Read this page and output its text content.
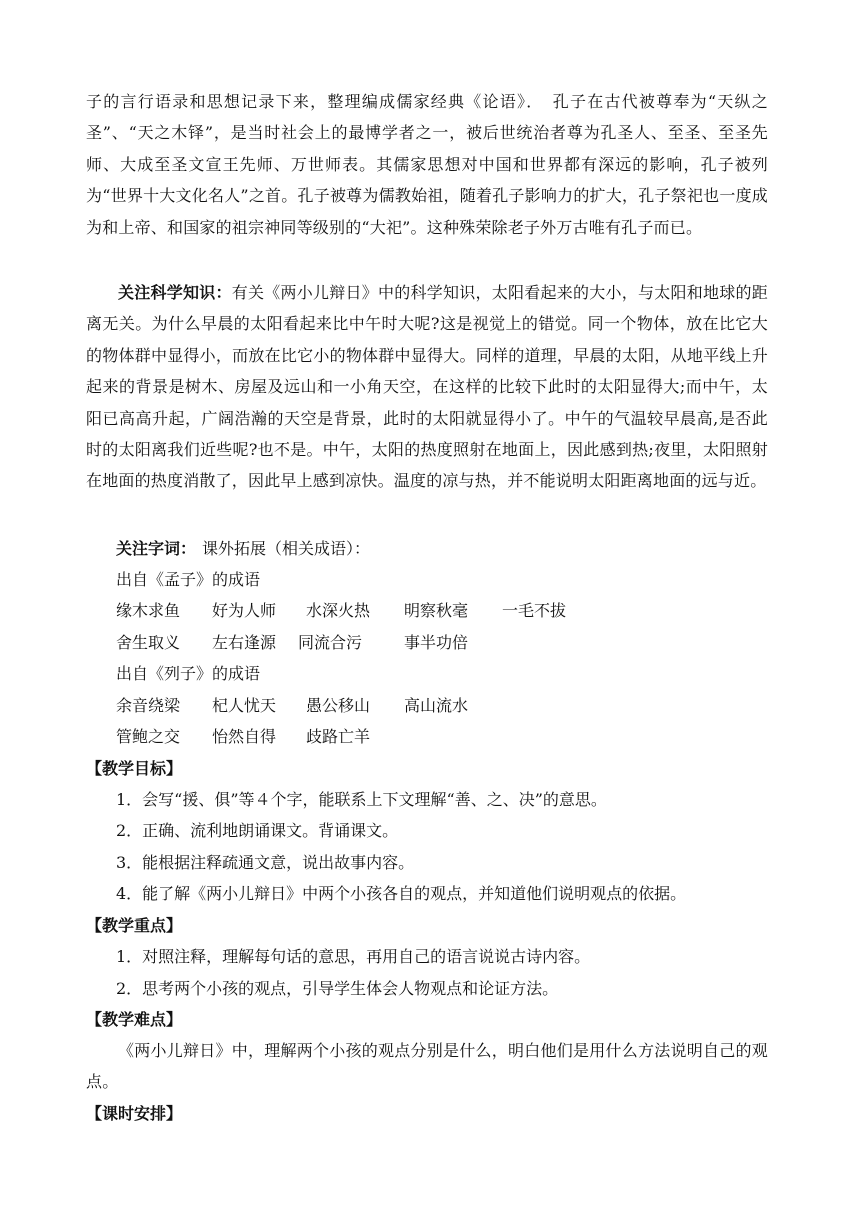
子的言行语录和思想记录下来，整理编成儒家经典《论语》．　孔子在古代被尊奉为“天纵之圣”、“天之木铎”，是当时社会上的最博学者之一，被后世统治者尊为孔圣人、至圣、至圣先师、大成至圣文宣王先师、万世师表。其儒家思想对中国和世界都有深远的影响，孔子被列为“世界十大文化名人”之首。孔子被尊为儒教始祖，随着孔子影响力的扩大，孔子祭祀也一度成为和上帝、和国家的祖宗神同等级别的“大祀”。这种殊荣除老子外万古唯有孔子而已。

关注科学知识：有关《两小儿辩日》中的科学知识，太阳看起来的大小，与太阳和地球的距离无关。为什么早晨的太阳看起来比中午时大呢?这是视觉上的错觉。同一个物体，放在比它大的物体群中显得小，而放在比它小的物体群中显得大。同样的道理，早晨的太阳，从地平线上升起来的背景是树木、房屋及远山和一小角天空，在这样的比较下此时的太阳显得大;而中午，太阳已高高升起，广阔浩瀚的天空是背景，此时的太阳就显得小了。中午的气温较早晨高,是否此时的太阳离我们近些呢?也不是。中午，太阳的热度照射在地面上，因此感到热;夜里，太阳照射在地面的热度消散了，因此早上感到凉快。温度的凉与热，并不能说明太阳距离地面的远与近。

关注字词： 课外拓展（相关成语）：
出自《孟子》的成语
缘木求鱼 好为人师 水深火热 明察秋毫 一毛不拔
舍生取义 左右逢源 同流合污	事半功倍
出自《列子》的成语
余音绕梁 杞人忧天 愚公移山 高山流水
管鲍之交 怡然自得 歧路亡羊
【教学目标】
1．会写“援、俱”等４个字，能联系上下文理解“善、之、决”的意思。
2．正确、流利地朗诵课文。背诵课文。
3．能根据注释疏通文意，说出故事内容。
4．能了解《两小儿辩日》中两个小孩各自的观点，并知道他们说明观点的依据。
【教学重点】
1．对照注释，理解每句话的意思，再用自己的语言说说古诗内容。
2．思考两个小孩的观点，引导学生体会人物观点和论证方法。
【教学难点】

《两小儿辩日》中，理解两个小孩的观点分别是什么，明白他们是用什么方法说明自己的观点。

【课时安排】
